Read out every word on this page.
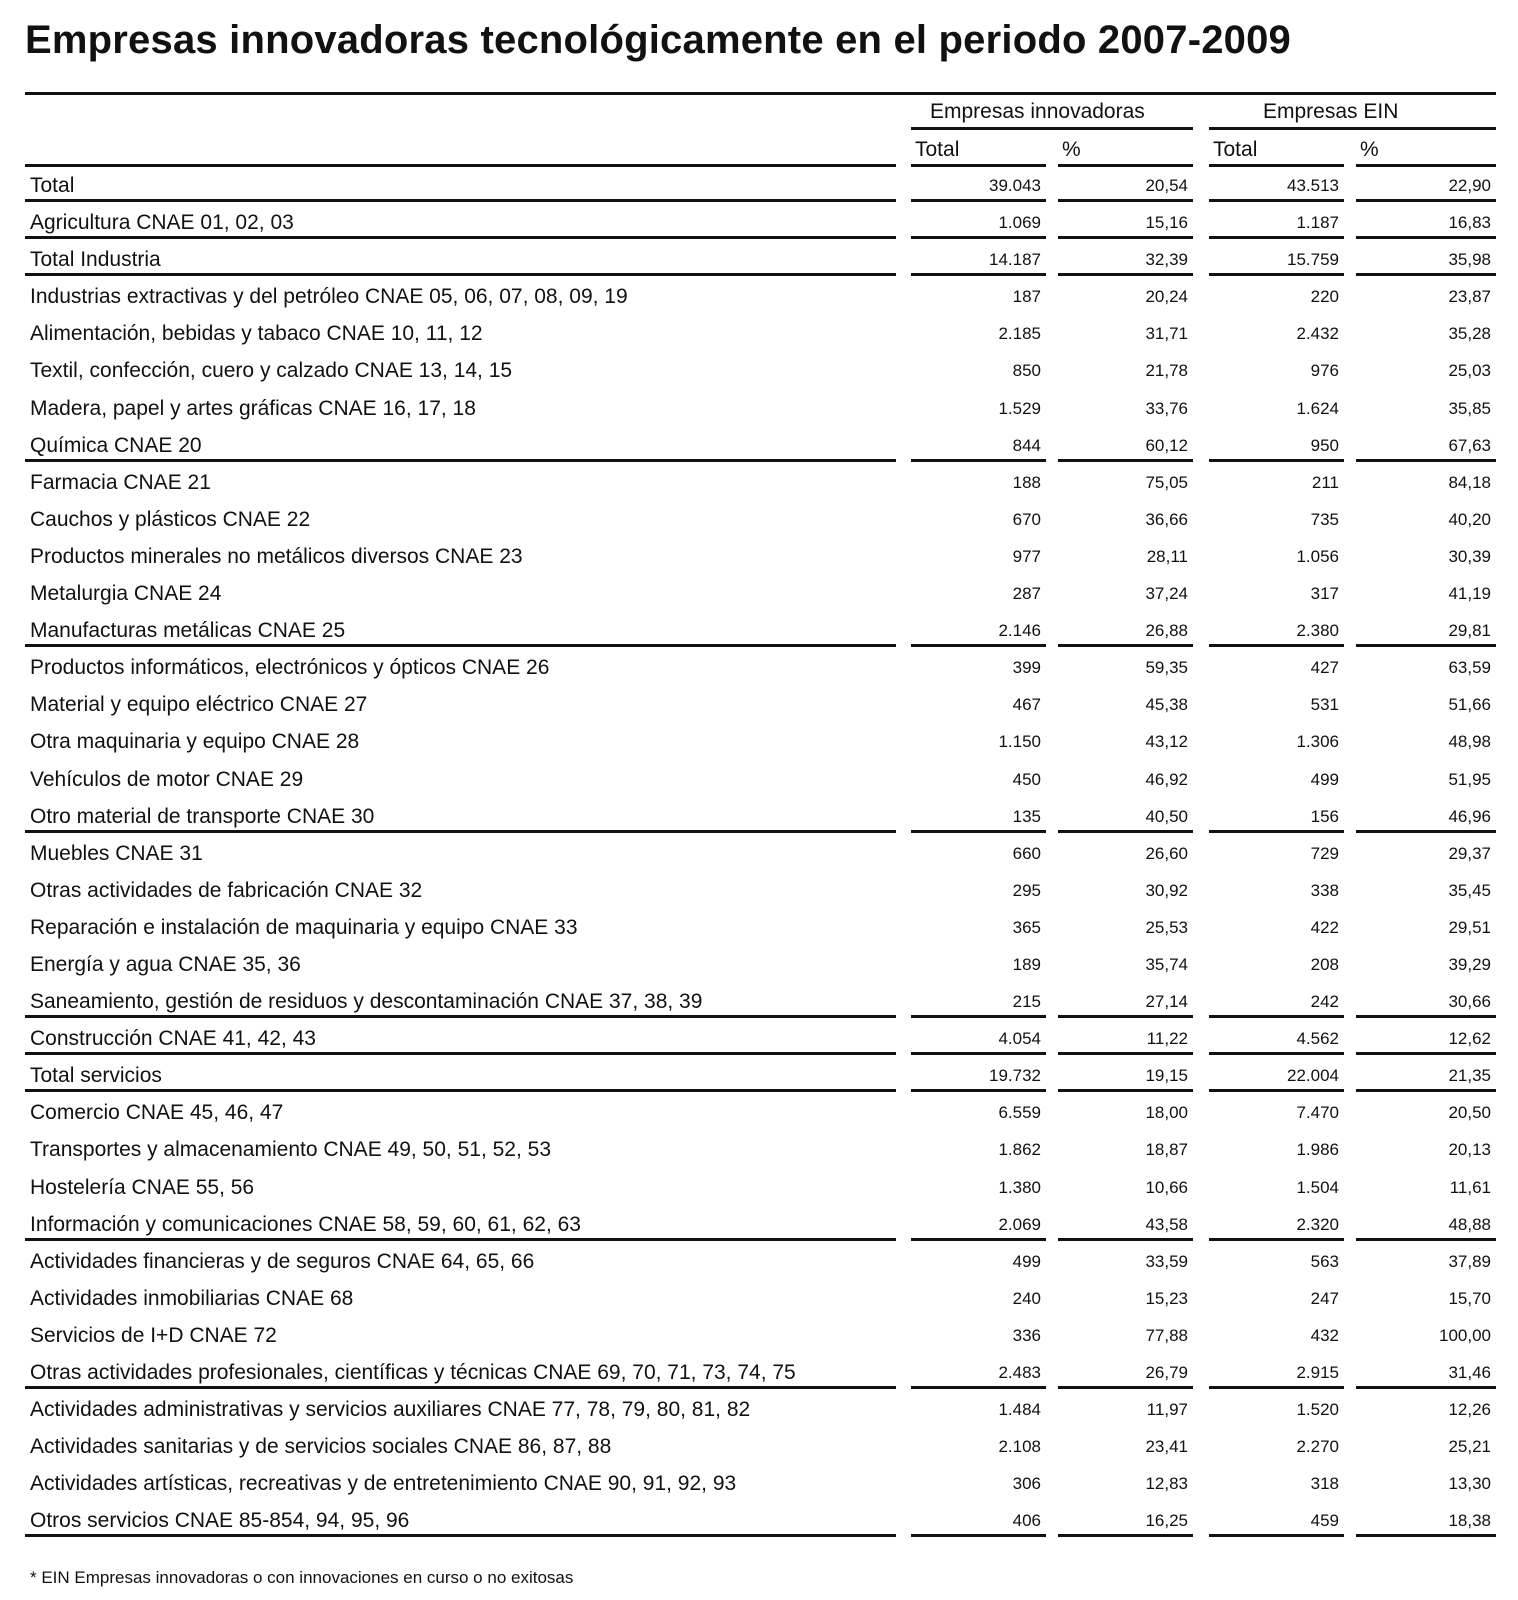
Empresas innovadoras tecnológicamente en el periodo 2007-2009
Empresas innovadoras	Empresas EIN
Total	%	Total	%
Total	39.043	20,54	43.513	22,90
Agricultura CNAE 01, 02, 03	1.069	15,16	1.187	16,83
Total Industria	14.187	32,39	15.759	35,98
Industrias extractivas y del petróleo CNAE 05, 06, 07, 08, 09, 19	187	20,24	220	23,87
Alimentación, bebidas y tabaco CNAE 10, 11, 12	2.185	31,71	2.432	35,28
Textil, confección, cuero y calzado CNAE 13, 14, 15	850	21,78	976	25,03
Madera, papel y artes gráficas CNAE 16, 17, 18	1.529	33,76	1.624	35,85
Química CNAE 20	844	60,12	950	67,63
Farmacia CNAE 21	188	75,05	211	84,18
Cauchos y plásticos CNAE 22	670	36,66	735	40,20
Productos minerales no metálicos diversos CNAE 23	977	28,11	1.056	30,39
Metalurgia CNAE 24	287	37,24	317	41,19
Manufacturas metálicas CNAE 25	2.146	26,88	2.380	29,81
Productos informáticos, electrónicos y ópticos CNAE 26	399	59,35	427	63,59
Material y equipo eléctrico CNAE 27	467	45,38	531	51,66
Otra maquinaria y equipo CNAE 28	1.150	43,12	1.306	48,98
Vehículos de motor CNAE 29	450	46,92	499	51,95
Otro material de transporte CNAE 30	135	40,50	156	46,96
Muebles CNAE 31	660	26,60	729	29,37
Otras actividades de fabricación CNAE 32	295	30,92	338	35,45
Reparación e instalación de maquinaria y equipo CNAE 33	365	25,53	422	29,51
Energía y agua CNAE 35, 36	189	35,74	208	39,29
Saneamiento, gestión de residuos y descontaminación CNAE 37, 38, 39	215	27,14	242	30,66
Construcción CNAE 41, 42, 43	4.054	11,22	4.562	12,62
Total servicios	19.732	19,15	22.004	21,35
Comercio CNAE 45, 46, 47	6.559	18,00	7.470	20,50
Transportes y almacenamiento CNAE 49, 50, 51, 52, 53	1.862	18,87	1.986	20,13
Hostelería CNAE 55, 56	1.380	10,66	1.504	11,61
Información y comunicaciones CNAE 58, 59, 60, 61, 62, 63	2.069	43,58	2.320	48,88
Actividades financieras y de seguros CNAE 64, 65, 66	499	33,59	563	37,89
Actividades inmobiliarias CNAE 68	240	15,23	247	15,70
Servicios de I+D CNAE 72	336	77,88	432	100,00
Otras actividades profesionales, científicas y técnicas CNAE 69, 70, 71, 73, 74, 75	2.483	26,79	2.915	31,46
Actividades administrativas y servicios auxiliares CNAE 77, 78, 79, 80, 81, 82	1.484	11,97	1.520	12,26
Actividades sanitarias y de servicios sociales CNAE 86, 87, 88	2.108	23,41	2.270	25,21
Actividades artísticas, recreativas y de entretenimiento CNAE 90, 91, 92, 93	306	12,83	318	13,30
Otros servicios CNAE 85-854, 94, 95, 96	406	16,25	459	18,38
* EIN Empresas innovadoras o con innovaciones en curso o no exitosas
